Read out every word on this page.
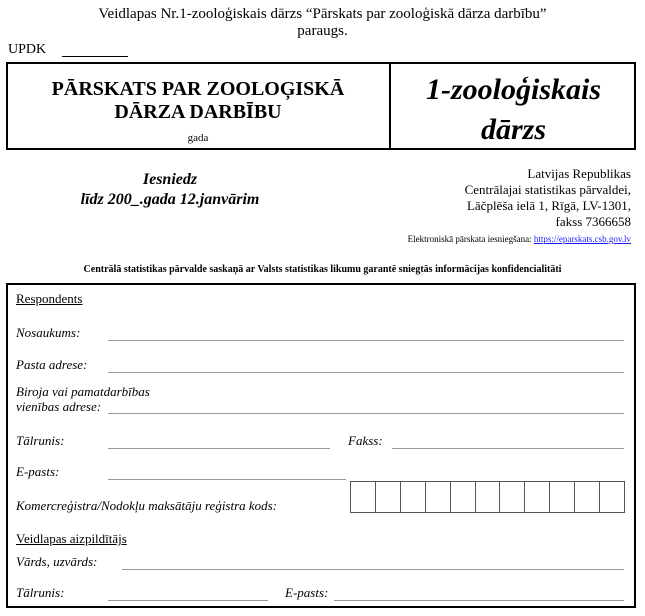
Veidlapas Nr.1-zooloģiskais dārzs “Pārskats par zooloģiskā dārza darbību”
paraugs.
UPDK
PĀRSKATS PAR ZOOLOĢISKĀ
DĀRZA DARBĪBU
gada
1-zooloģiskais
dārzs
Iesniedz
līdz 200_.gada 12.janvārim
Latvijas Republikas
Centrālajai statistikas pārvaldei,
Lāčplēša ielā 1, Rīgā, LV-1301,
fakss 7366658
Elektroniskā pārskata iesniegšana: https://eparskats.csb.gov.lv
Centrālā statistikas pārvalde saskaņā ar Valsts statistikas likumu garantē sniegtās informācijas konfidencialitāti
Respondents
Nosaukums:
Pasta adrese:
Biroja vai pamatdarbības
vienības adrese:
Tālrunis:	Fakss:
E-pasts:
Komercreģistra/Nodokļu maksātāju reģistra kods:
Veidlapas aizpildītājs
Vārds, uzvārds:
Tālrunis:	E-pasts:
